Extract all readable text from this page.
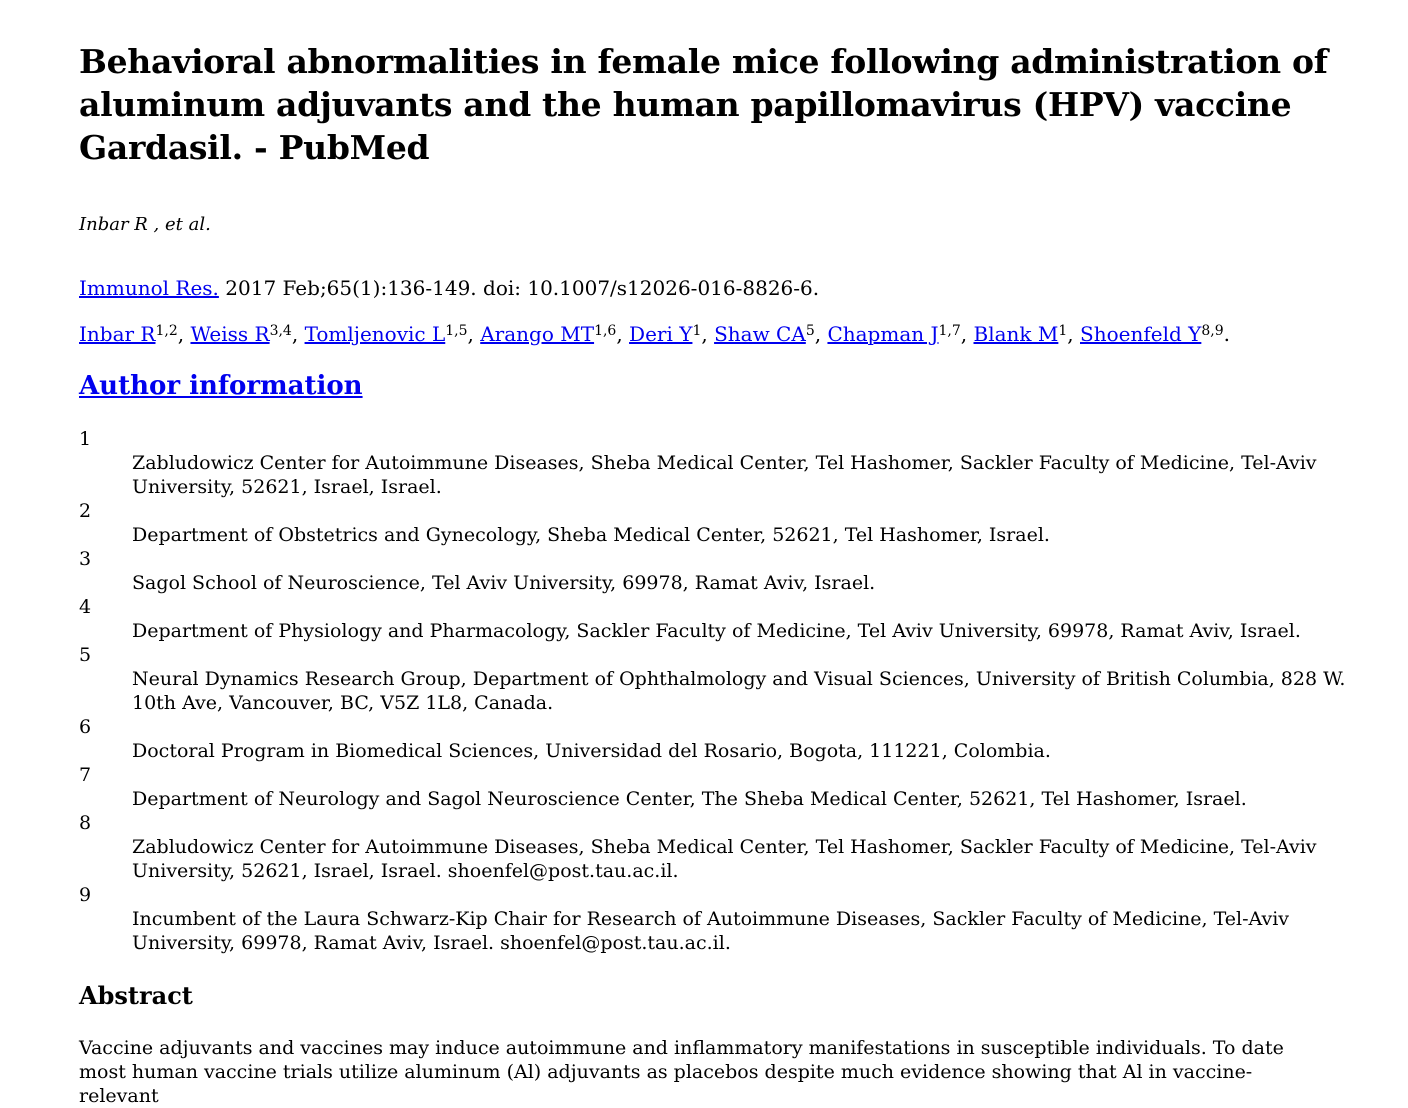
Behavioral abnormalities in female mice following administration of aluminum adjuvants and the human papillomavirus (HPV) vaccine Gardasil. - PubMed
Inbar R , et al.
Immunol Res. 2017 Feb;65(1):136-149. doi: 10.1007/s12026-016-8826-6.
Inbar R$^{1,2}$, Weiss R$^{3,4}$, Tomljenovic L$^{1,5}$, Arango MT$^{1,6}$, Deri $Y^1$, Shaw $CA^5$, Chapman J$^{1,7}$, Blank $M^1$, Shoenfeld Y$^{8,9}$.
Author information
1
Zabludowicz Center for Autoimmune Diseases, Sheba Medical Center, Tel Hashomer, Sackler Faculty of Medicine, Tel-Aviv University, 52621, Israel, Israel.
2
Department of Obstetrics and Gynecology, Sheba Medical Center, 52621, Tel Hashomer, Israel.
3
Sagol School of Neuroscience, Tel Aviv University, 69978, Ramat Aviv, Israel.
4
Department of Physiology and Pharmacology, Sackler Faculty of Medicine, Tel Aviv University, 69978, Ramat Aviv, Israel.
5
Neural Dynamics Research Group, Department of Ophthalmology and Visual Sciences, University of British Columbia, 828 W. 10th Ave, Vancouver, BC, V5Z 1L8, Canada.
6
Doctoral Program in Biomedical Sciences, Universidad del Rosario, Bogota, 111221, Colombia.
7
Department of Neurology and Sagol Neuroscience Center, The Sheba Medical Center, 52621, Tel Hashomer, Israel.
8
Zabludowicz Center for Autoimmune Diseases, Sheba Medical Center, Tel Hashomer, Sackler Faculty of Medicine, Tel-Aviv University, 52621, Israel, Israel. shoenfel@post.tau.ac.il.
9
Incumbent of the Laura Schwarz-Kip Chair for Research of Autoimmune Diseases, Sackler Faculty of Medicine, Tel-Aviv University, 69978, Ramat Aviv, Israel. shoenfel@post.tau.ac.il.
Abstract
Vaccine adjuvants and vaccines may induce autoimmune and inflammatory manifestations in susceptible individuals. To date most human vaccine trials utilize aluminum (Al) adjuvants as placebos despite much evidence showing that Al in vaccine-relevant
